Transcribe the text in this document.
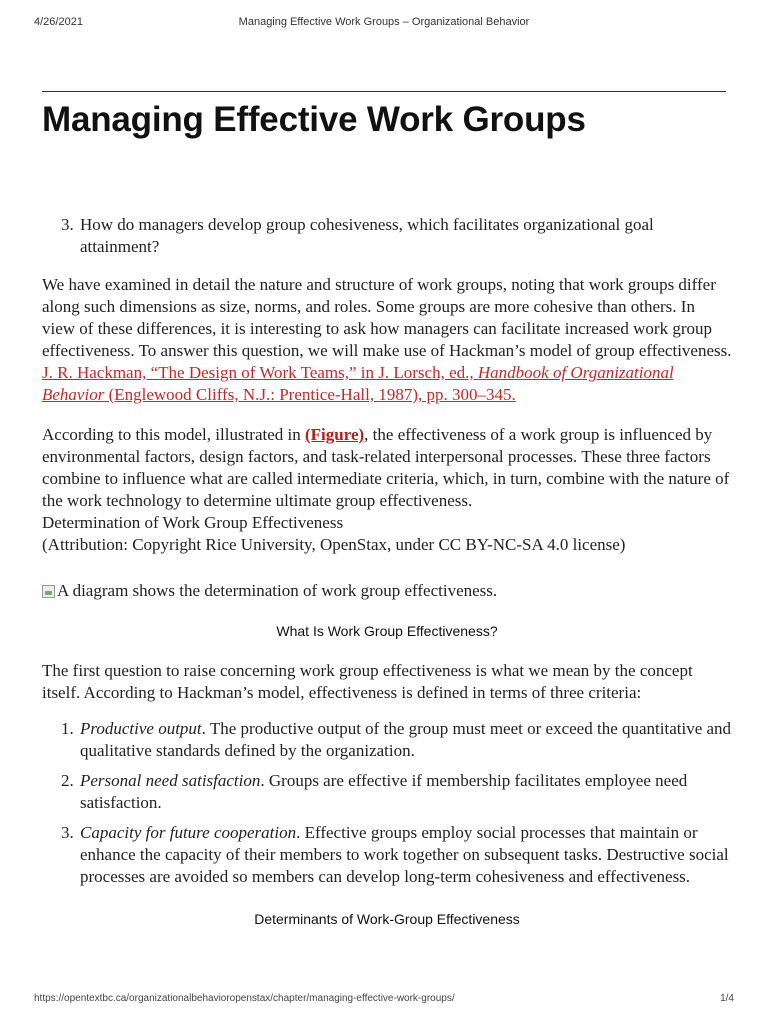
4/26/2021	Managing Effective Work Groups – Organizational Behavior
Managing Effective Work Groups
3. How do managers develop group cohesiveness, which facilitates organizational goal attainment?

We have examined in detail the nature and structure of work groups, noting that work groups differ along such dimensions as size, norms, and roles. Some groups are more cohesive than others. In view of these differences, it is interesting to ask how managers can facilitate increased work group effectiveness. To answer this question, we will make use of Hackman’s model of group effectiveness.
J. R. Hackman, “The Design of Work Teams,” in J. Lorsch, ed., Handbook of Organizational Behavior (Englewood Cliffs, N.J.: Prentice-Hall, 1987), pp. 300–345.

According to this model, illustrated in (Figure), the effectiveness of a work group is influenced by environmental factors, design factors, and task-related interpersonal processes. These three factors combine to influence what are called intermediate criteria, which, in turn, combine with the nature of the work technology to determine ultimate group effectiveness.
Determination of Work Group Effectiveness
(Attribution: Copyright Rice University, OpenStax, under CC BY-NC-SA 4.0 license)

A diagram shows the determination of work group effectiveness.
What Is Work Group Effectiveness?

The first question to raise concerning work group effectiveness is what we mean by the concept itself. According to Hackman’s model, effectiveness is defined in terms of three criteria:

1. Productive output. The productive output of the group must meet or exceed the quantitative and qualitative standards defined by the organization.
2. Personal need satisfaction. Groups are effective if membership facilitates employee need satisfaction.
3. Capacity for future cooperation. Effective groups employ social processes that maintain or enhance the capacity of their members to work together on subsequent tasks. Destructive social processes are avoided so members can develop long-term cohesiveness and effectiveness.
Determinants of Work-Group Effectiveness
https://opentextbc.ca/organizationalbehavioropenstax/chapter/managing-effective-work-groups/	1/4
